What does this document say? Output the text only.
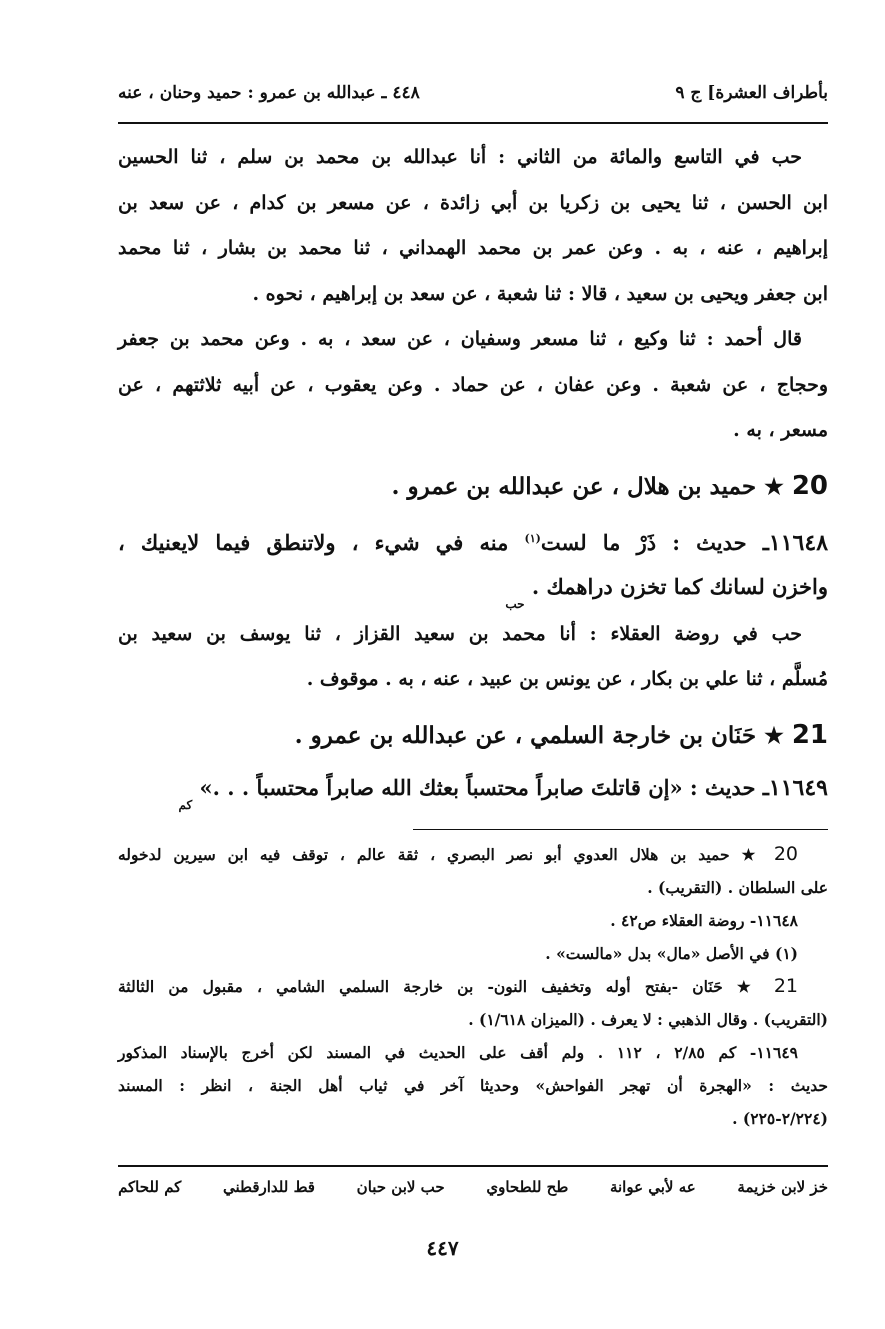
بأطراف العشرة] ج ٩
٤٤٨ ـ عبدالله بن عمرو : حميد وحنان ، عنه

حب في التاسع والمائة من الثاني : أنا عبدالله بن محمد بن سلم ، ثنا الحسين

ابن الحسن ، ثنا يحيى بن زكريا بن أبي زائدة ، عن مسعر بن كدام ، عن سعد بن

إبراهيم ، عنه ، به . وعن عمر بن محمد الهمداني ، ثنا محمد بن بشار ، ثنا محمد

ابن جعفر ويحيى بن سعيد ، قالا : ثنا شعبة ، عن سعد بن إبراهيم ، نحوه .

قال أحمد : ثنا وكيع ، ثنا مسعر وسفيان ، عن سعد ، به . وعن محمد بن جعفر

وحجاج ، عن شعبة . وعن عفان ، عن حماد . وعن يعقوب ، عن أبيه ثلاثتهم ، عن

مسعر ، به .

20 ★ حميد بن هلال ، عن عبدالله بن عمرو .

١١٦٤٨ـ حديث : ذَرْ ما لست$^{(١)}$ منه في شيء ، ولاتنطق فيما لايعنيك ،

واخزن لسانك كما تخزن دراهمك . حب

حب في روضة العقلاء : أنا محمد بن سعيد القزاز ، ثنا يوسف بن سعيد بن

مُسلَّم ، ثنا علي بن بكار ، عن يونس بن عبيد ، عنه ، به . موقوف .

21 ★ حَنَان بن خارجة السلمي ، عن عبدالله بن عمرو .

١١٦٤٩ـ حديث : «إن قاتلتَ صابراً محتسباً بعثك الله صابراً محتسباً . . .» كم

20 ★ حميد بن هلال العدوي أبو نصر البصري ، ثقة عالم ، توقف فيه ابن سيرين لدخوله

على السلطان . (التقريب) .

١١٦٤٨- روضة العقلاء ص٤٢ .

(١) في الأصل «مال» بدل «مالست» .

21 ★ حَنَان -بفتح أوله وتخفيف النون- بن خارجة السلمي الشامي ، مقبول من الثالثة

(التقريب) . وقال الذهبي : لا يعرف . (الميزان ١/٦١٨) .

١١٦٤٩- كم ٢/٨٥ ، ١١٢ . ولم أقف على الحديث في المسند لكن أخرج بالإسناد المذكور

حديث : «الهجرة أن تهجر الفواحش» وحديثا آخر في ثياب أهل الجنة ، انظر : المسند

(٢/٢٢٤-٢٢٥) .

خز لابن خزيمة
عه لأبي عوانة
طح للطحاوي
حب لابن حبان
قط للدارقطني
كم للحاكم
٤٤٧
